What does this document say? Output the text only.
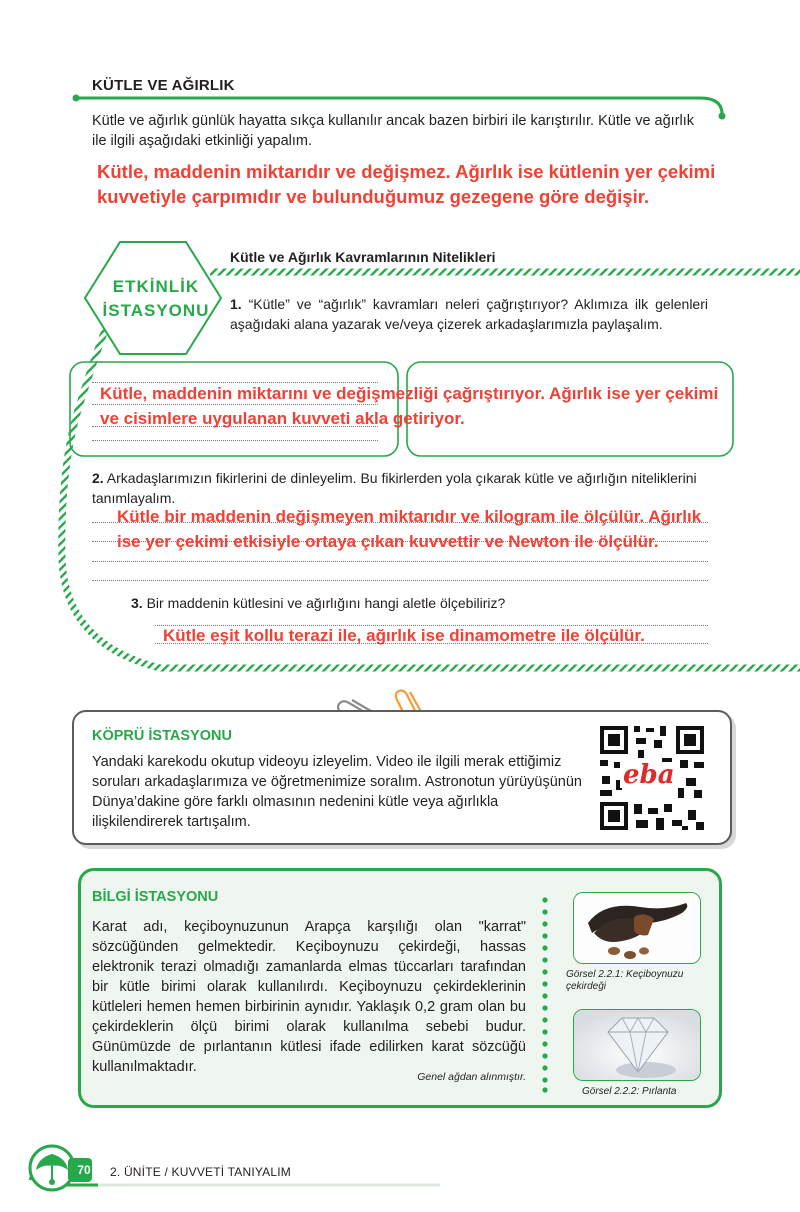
KÜTLE VE AĞIRLIK
Kütle ve ağırlık günlük hayatta sıkça kullanılır ancak bazen birbiri ile karıştırılır. Kütle ve ağırlık ile ilgili aşağıdaki etkinliği yapalım.
Kütle, maddenin miktarıdır ve değişmez. Ağırlık ise kütlenin yer çekimi kuvvetiyle çarpımıdır ve bulunduğumuz gezegene göre değişir.
ETKİNLİK
İSTASYONU
Kütle ve Ağırlık Kavramlarının Nitelikleri
1. “Kütle” ve “ağırlık” kavramları neleri çağrıştırıyor? Aklımıza ilk gelenleri aşağıdaki alana yazarak ve/veya çizerek arkadaşlarımızla paylaşalım.
Kütle, maddenin miktarını ve değişmezliği çağrıştırıyor. Ağırlık ise yer çekimi ve cisimlere uygulanan kuvveti akla getiriyor.
2. Arkadaşlarımızın fikirlerini de dinleyelim. Bu fikirlerden yola çıkarak kütle ve ağırlığın niteliklerini tanımlayalım.
Kütle bir maddenin değişmeyen miktarıdır ve kilogram ile ölçülür. Ağırlık ise yer çekimi etkisiyle ortaya çıkan kuvvettir ve Newton ile ölçülür.
3. Bir maddenin kütlesini ve ağırlığını hangi aletle ölçebiliriz?
Kütle eşit kollu terazi ile, ağırlık ise dinamometre ile ölçülür.
KÖPRÜ İSTASYONU
Yandaki karekodu okutup videoyu izleyelim. Video ile ilgili merak ettiğimiz soruları arkadaşlarımıza ve öğretmenimize soralım. Astronotun yürüyüşünün Dünya’dakine göre farklı olmasının nedenini kütle veya ağırlıkla ilişkilendirerek tartışalım.
eba
BİLGİ İSTASYONU
Karat adı, keçiboynuzunun Arapça karşılığı olan "karrat" sözcüğünden gelmektedir. Keçiboynuzu çekirdeği, hassas elektronik terazi olmadığı zamanlarda elmas tüccarları tarafından bir kütle birimi olarak kullanılırdı. Keçiboynuzu çekirdeklerinin kütleleri hemen hemen birbirinin aynıdır. Yaklaşık 0,2 gram olan bu çekirdeklerin ölçü birimi olarak kullanılma sebebi budur. Günümüzde de pırlantanın kütlesi ifade edilirken karat sözcüğü kullanılmaktadır.
Genel ağdan alınmıştır.
Görsel 2.2.1: Keçiboynuzu
çekirdeği
Görsel 2.2.2: Pırlanta
70	2. ÜNİTE / KUVVETİ TANIYALIM
